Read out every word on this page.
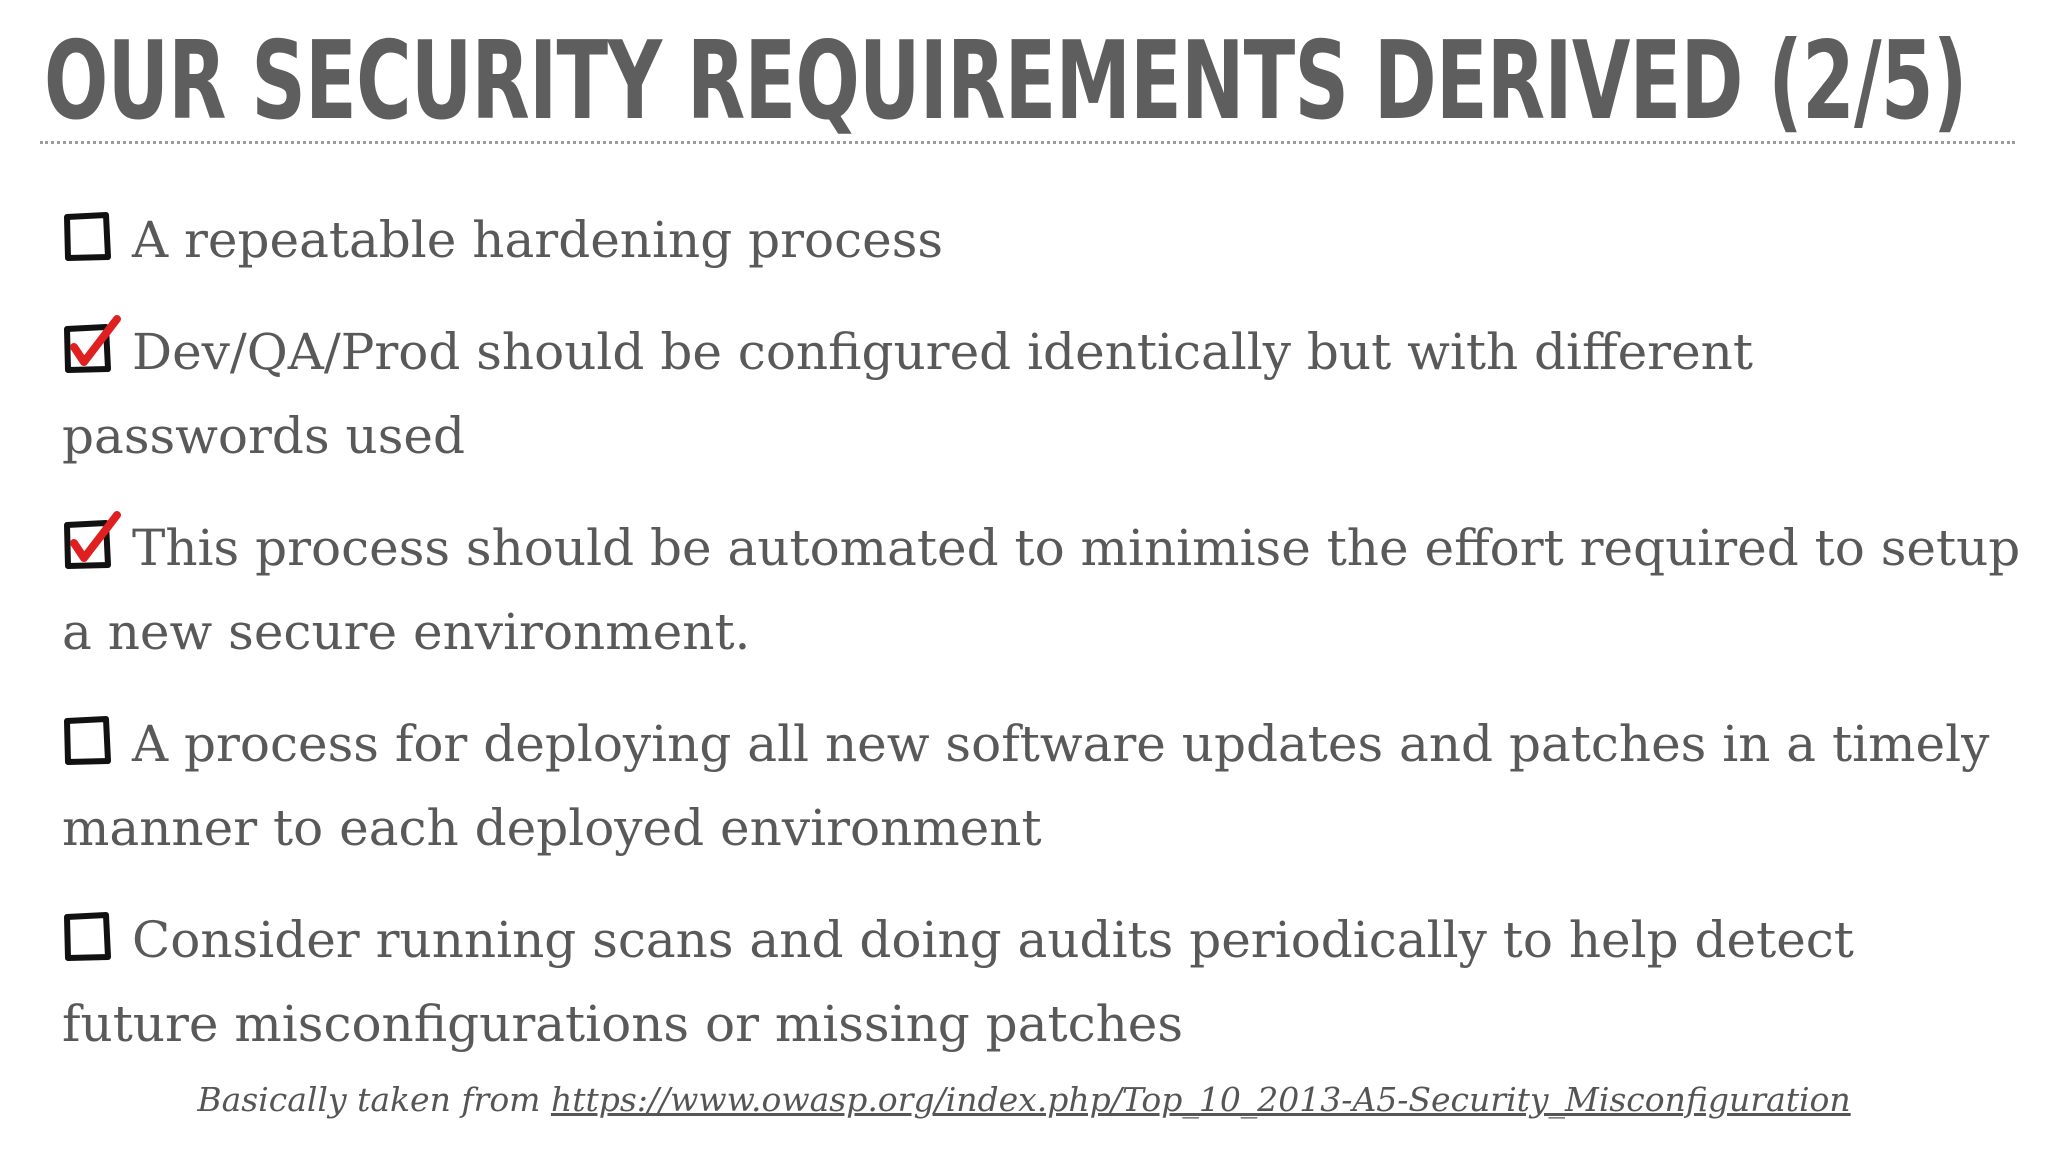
OUR SECURITY REQUIREMENTS DERIVED (2/5)
A repeatable hardening process
Dev/QA/Prod should be configured identically but with different passwords used
This process should be automated to minimise the effort required to setup a new secure environment.
A process for deploying all new software updates and patches in a timely manner to each deployed environment
Consider running scans and doing audits periodically to help detect future misconfigurations or missing patches
Basically taken from https://www.owasp.org/index.php/Top_10_2013-A5-Security_Misconfiguration
